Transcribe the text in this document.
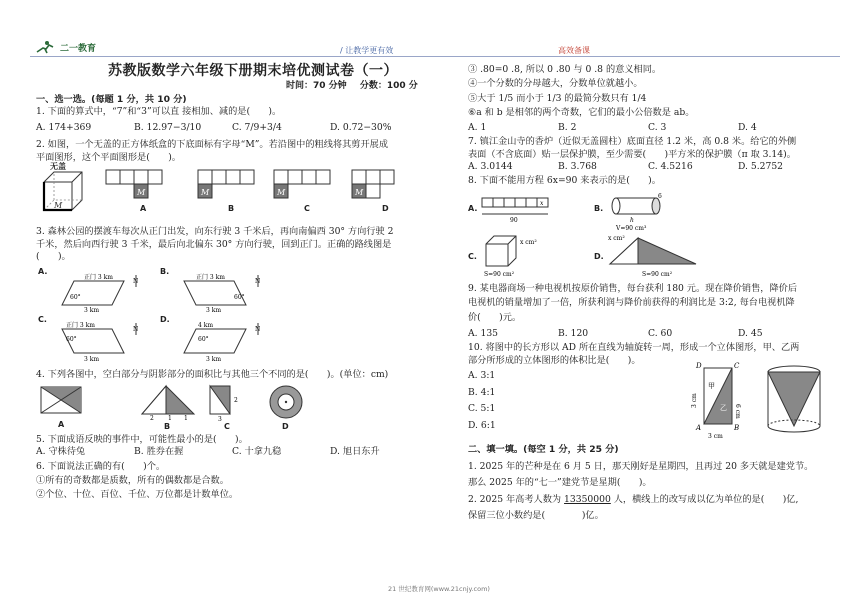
二一教育	/ 让教学更有效	高效备课
苏教版数学六年级下册期末培优测试卷（一）
时间：70 分钟 分数：100 分
一、选一选。(每题 1 分，共 10 分)
1. 下面的算式中，“7”和“3”可以直 接相加、减的是(　　)。
A. 174+369	B. 12.97−3/10	C. 7/9+3/4	D. 0.72−30%
2. 如图，一个无盖的正方体纸盒的下底面标有字母“M”。若沿图中的粗线将其剪开展成
平面图形，这个平面图形是(　　)。
M
无盖
M
A
M
B
M
C
M
D
3. 森林公园的摆渡车每次从正门出发，向东行驶 3 千米后，再向南偏西 30° 方向行驶 2
千米，然后向西行驶 3 千米，最后向北偏东 30° 方向行驶，回到正门。正确的路线图是
(　　)。
A.
N
正门 3 km
60°
3 km
B.
N
正门 3 km
60°
3 km
C.
N
正门 3 km
60°
3 km
D.
N
4 km
60°
3 km
4. 下列各图中，空白部分与阴影部分的面积比与其他三个不同的是(　　)。(单位：cm)
A
2 1 1
B
2
3
C	D
5. 下面成语反映的事件中，可能性最小的是(　　)。
A. 守株待兔	B. 胜券在握	C. 十拿九稳	D. 旭日东升
6. 下面说法正确的有(　　)个。
①所有的奇数都是质数，所有的偶数都是合数。
②个位、十位、百位、千位、万位都是计数单位。
③ .80=0 .8, 所以 0 .80 与 0 .8 的意义相同。
④一个分数的分母越大，分数单位就越小。
⑤大于 1/5 而小于 1/3 的最简分数只有 1/4
⑥a 和 b 是相邻的两个奇数，它们的最小公倍数是 ab。
A. 1	B. 2	C. 3	D. 4
7. 镇江金山寺的香炉（近似无盖圆柱）底面直径 1.2 米，高 0.8 米。给它的外侧
表面（不含底面）贴一层保护膜，至少需要(　　)平方米的保护膜（π 取 3.14)。
A. 3.0144	B. 3.768	C. 4.5216	D. 5.2752
8. 下面不能用方程 6x=90 来表示的是(　　)。
A.
x
90
B.
6
h
V=90 cm³
C.
x cm²
S=90 cm²
D.
x cm²
S=90 cm²
9. 某电器商场一种电视机按原价销售，每台获利 180 元。现在降价销售，降价后
电视机的销量增加了一倍，所获利润与降价前获得的利润比是 3:2, 每台电视机降
价(　　)元。
A. 135	B. 120	C. 60	D. 45
10. 将图中的长方形以 AD 所在直线为轴旋转一周，形成一个立体图形，甲、乙两
部分所形成的立体图形的体积比是(　　)。
A. 3:1
B. 4:1
C. 5:1
D. 6:1
D	C
A	B
甲
乙 6 cm
3 cm
3 cm
二、填一填。(每空 1 分，共 25 分)
1. 2025 年的芒种是在 6 月 5 日，那天刚好是星期四，且再过 20 多天就是建党节。
那么 2025 年的“七一”建党节是星期(　　)。
2. 2025 年高考人数为 13350000 人，横线上的改写成以亿为单位的是(　　)亿,
保留三位小数约是(　　　　)亿。
21 世纪教育网(www.21cnjy.com)
